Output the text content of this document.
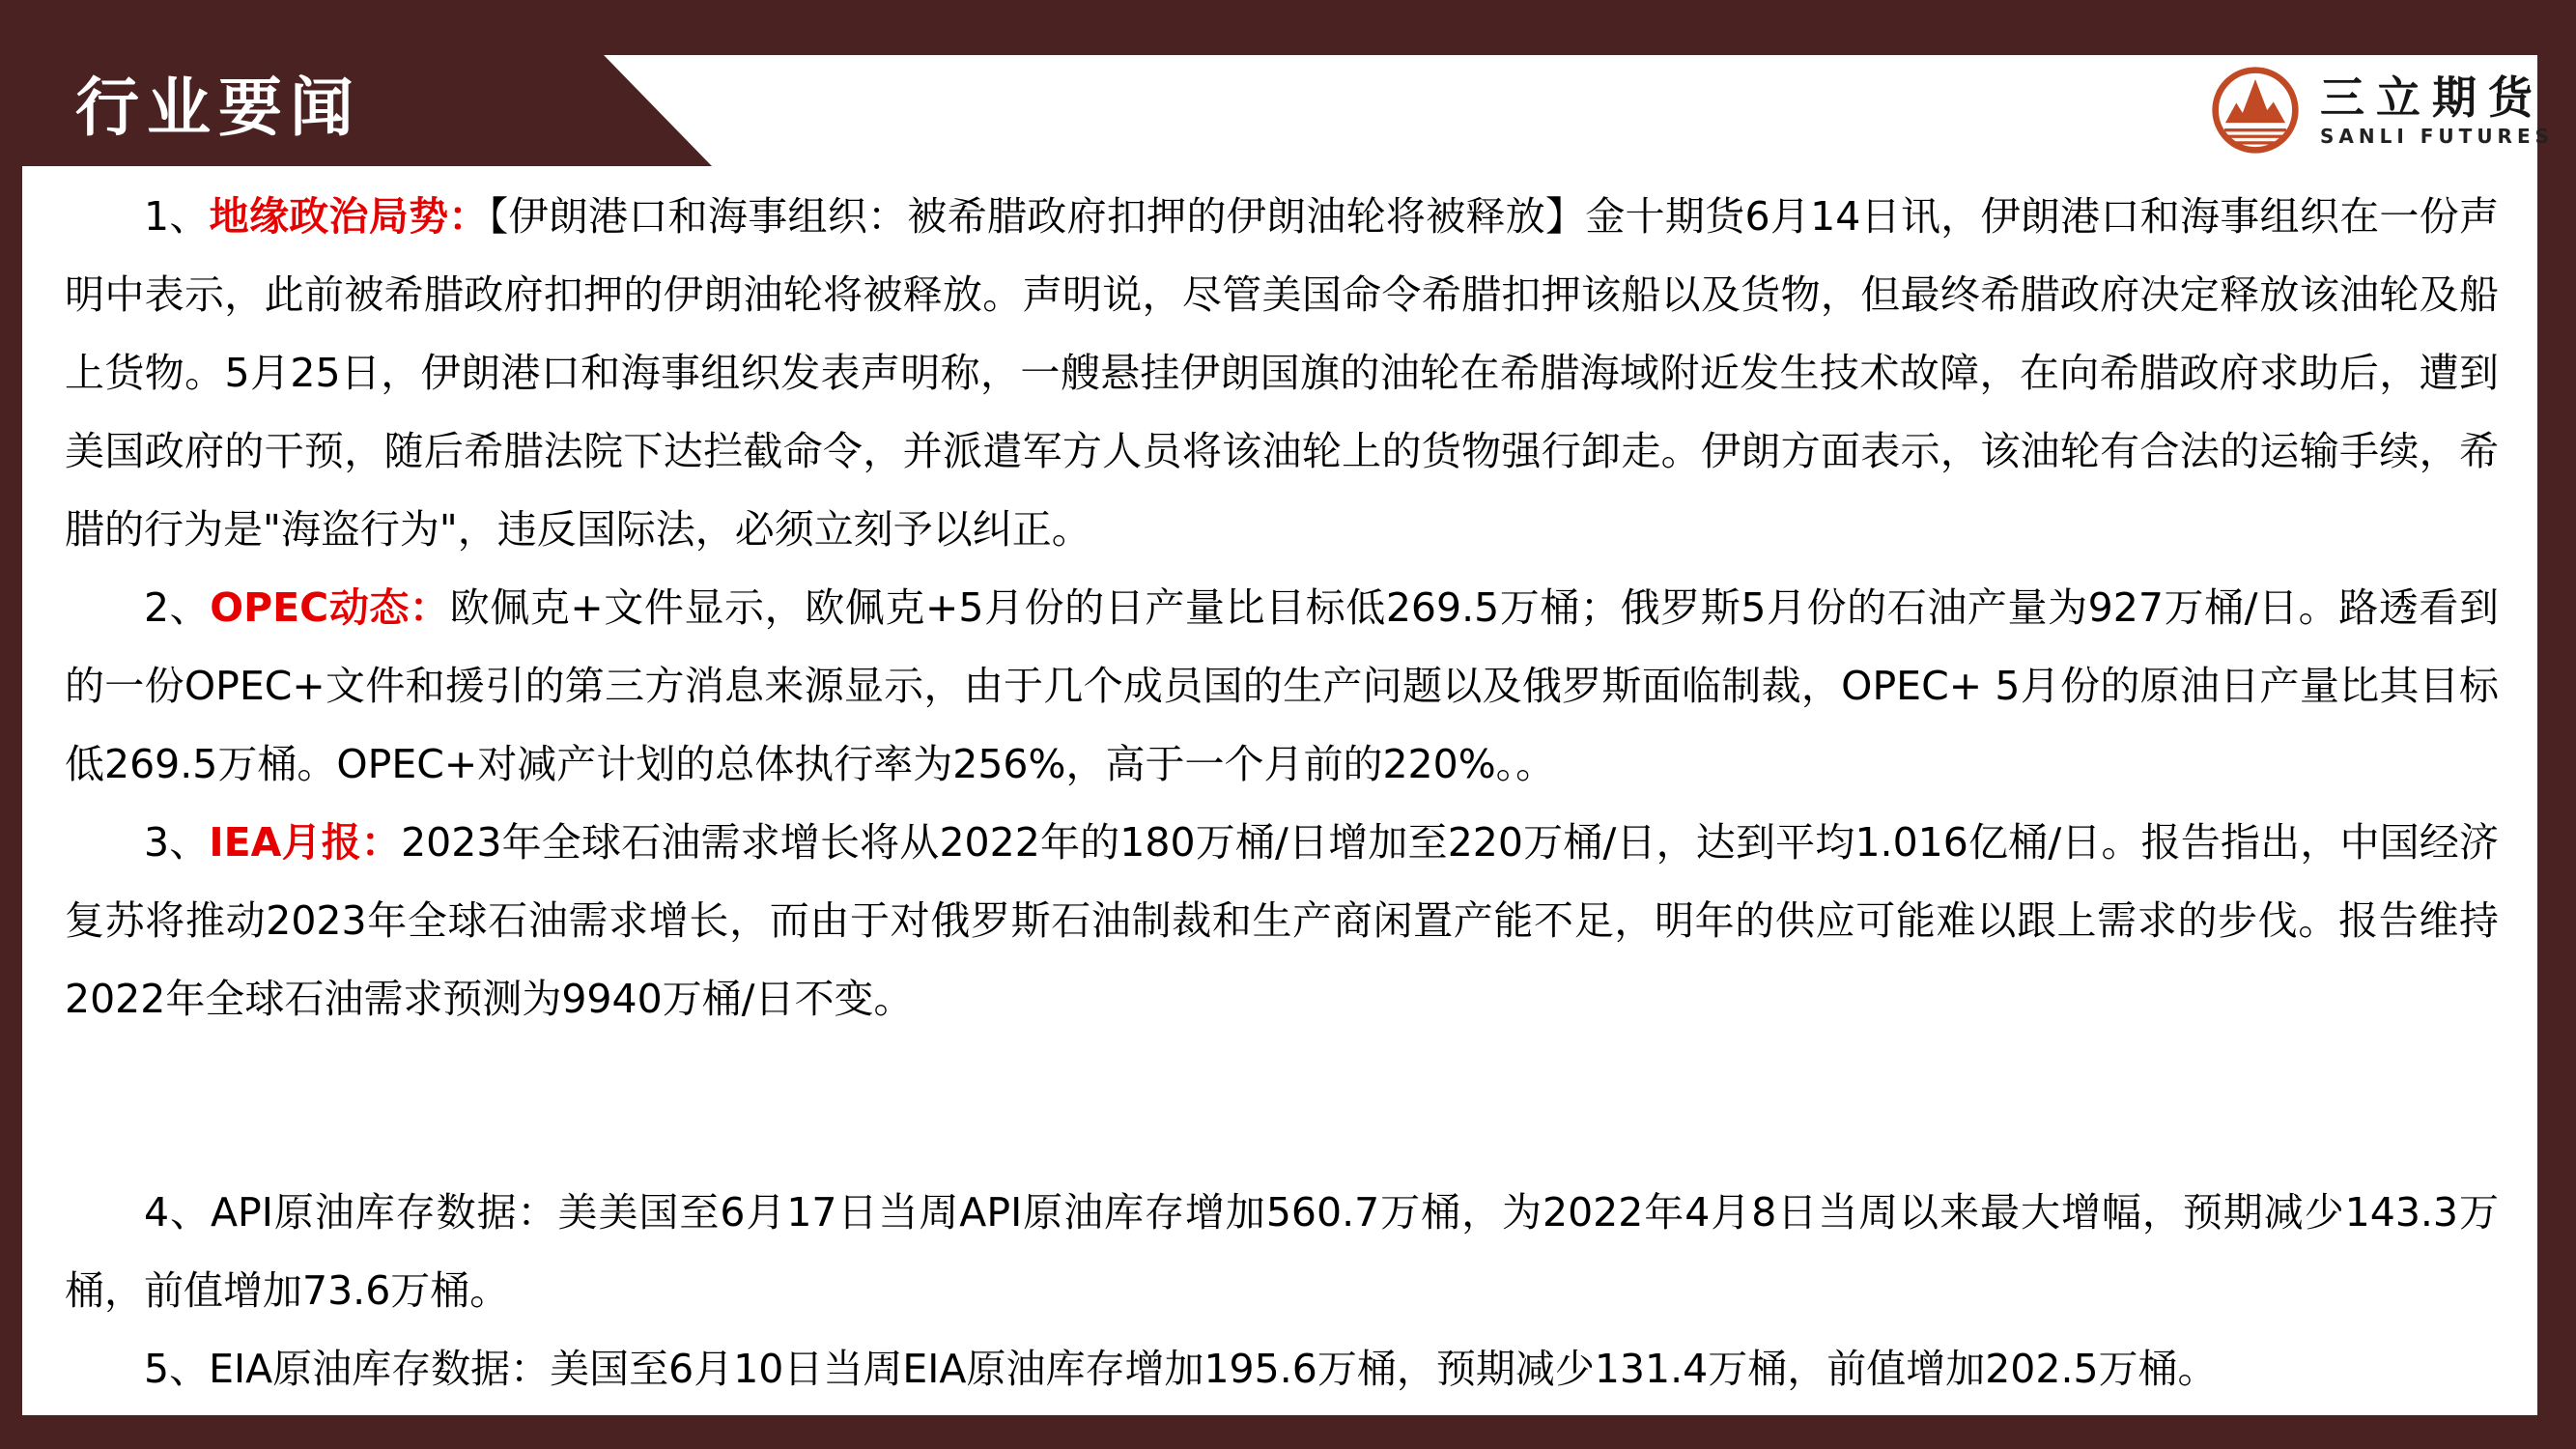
行业要闻	三立期货
SANLI FUTURES

1、地缘政治局势：【伊朗港口和海事组织：被希腊政府扣押的伊朗油轮将被释放】金十期货6月14日讯，伊朗港口和海事组织在一份声明中表示，此前被希腊政府扣押的伊朗油轮将被释放。声明说，尽管美国命令希腊扣押该船以及货物，但最终希腊政府决定释放该油轮及船上货物。5月25日，伊朗港口和海事组织发表声明称，一艘悬挂伊朗国旗的油轮在希腊海域附近发生技术故障，在向希腊政府求助后，遭到美国政府的干预，随后希腊法院下达拦截命令，并派遣军方人员将该油轮上的货物强行卸走。伊朗方面表示，该油轮有合法的运输手续，希腊的行为是"海盗行为"，违反国际法，必须立刻予以纠正。

2、OPEC动态：欧佩克+文件显示，欧佩克+5月份的日产量比目标低269.5万桶；俄罗斯5月份的石油产量为927万桶/日。路透看到的一份OPEC+文件和援引的第三方消息来源显示，由于几个成员国的生产问题以及俄罗斯面临制裁，OPEC+ 5月份的原油日产量比其目标低269.5万桶。OPEC+对减产计划的总体执行率为256%，高于一个月前的220%。。

3、IEA月报：2023年全球石油需求增长将从2022年的180万桶/日增加至220万桶/日，达到平均1.016亿桶/日。报告指出，中国经济复苏将推动2023年全球石油需求增长，而由于对俄罗斯石油制裁和生产商闲置产能不足，明年的供应可能难以跟上需求的步伐。报告维持2022年全球石油需求预测为9940万桶/日不变。

4、API原油库存数据：美美国至6月17日当周API原油库存增加560.7万桶，为2022年4月8日当周以来最大增幅，预期减少143.3万桶，前值增加73.6万桶。

5、EIA原油库存数据：美国至6月10日当周EIA原油库存增加195.6万桶，预期减少131.4万桶，前值增加202.5万桶。
